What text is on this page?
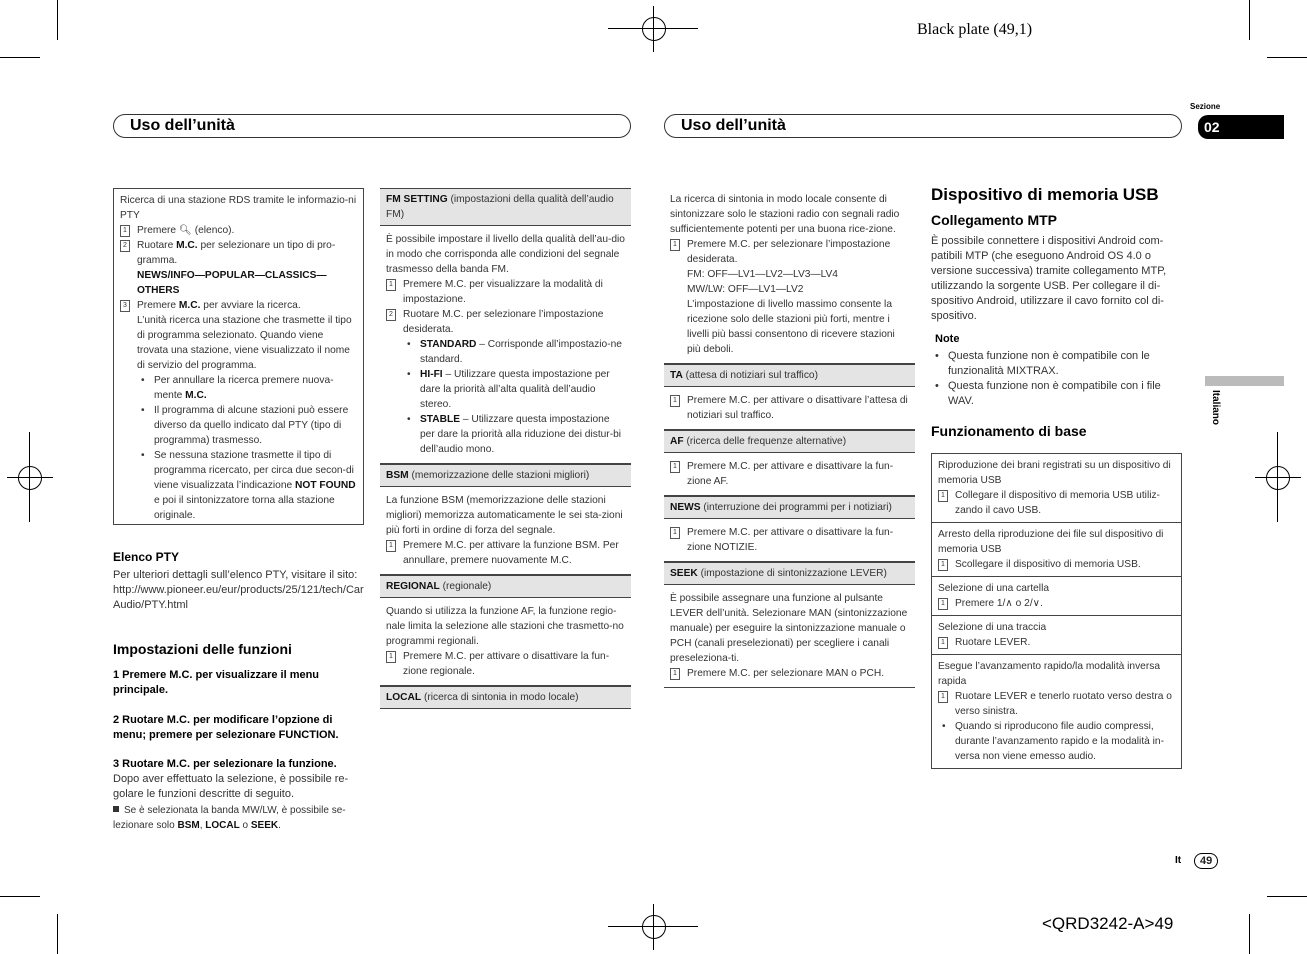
Black plate (49,1)
<QRD3242-A>49
Uso dell’unità	Uso dell’unità
Sezione
02
Italiano
Ricerca di una stazione RDS tramite le informazio-ni PTY
1 Premere 🔍︎ (elenco).
2 Ruotare M.C. per selezionare un tipo di pro-gramma.
NEWS/INFO—POPULAR—CLASSICS—OTHERS
3 Premere M.C. per avviare la ricerca.
L’unità ricerca una stazione che trasmette il tipo di programma selezionato. Quando viene trovata una stazione, viene visualizzato il nome di servizio del programma.
• Per annullare la ricerca premere nuova-mente M.C.
• Il programma di alcune stazioni può essere diverso da quello indicato dal PTY (tipo di programma) trasmesso.
• Se nessuna stazione trasmette il tipo di programma ricercato, per circa due secon-di viene visualizzata l’indicazione NOT FOUND e poi il sintonizzatore torna alla stazione originale.
Elenco PTY
Per ulteriori dettagli sull’elenco PTY, visitare il sito:
http://www.pioneer.eu/eur/products/25/121/tech/CarAudio/PTY.html
Impostazioni delle funzioni
1 Premere M.C. per visualizzare il menu principale.
2 Ruotare M.C. per modificare l’opzione di menu; premere per selezionare FUNCTION.
3 Ruotare M.C. per selezionare la funzione.
Dopo aver effettuato la selezione, è possibile re-golare le funzioni descritte di seguito.
Se è selezionata la banda MW/LW, è possibile se-lezionare solo BSM, LOCAL o SEEK.
FM SETTING (impostazioni della qualità dell’audio FM)
È possibile impostare il livello della qualità dell’au-dio in modo che corrisponda alle condizioni del segnale trasmesso della banda FM.
1 Premere M.C. per visualizzare la modalità di impostazione.
2 Ruotare M.C. per selezionare l’impostazione desiderata.
• STANDARD – Corrisponde all’impostazio-ne standard.
• HI-FI – Utilizzare questa impostazione per dare la priorità all’alta qualità dell’audio stereo.
• STABLE – Utilizzare questa impostazione per dare la priorità alla riduzione dei distur-bi dell’audio mono.
BSM (memorizzazione delle stazioni migliori)
La funzione BSM (memorizzazione delle stazioni migliori) memorizza automaticamente le sei sta-zioni più forti in ordine di forza del segnale.
1 Premere M.C. per attivare la funzione BSM. Per annullare, premere nuovamente M.C.
REGIONAL (regionale)
Quando si utilizza la funzione AF, la funzione regio-nale limita la selezione alle stazioni che trasmetto-no programmi regionali.
1 Premere M.C. per attivare o disattivare la fun-zione regionale.
LOCAL (ricerca di sintonia in modo locale)
La ricerca di sintonia in modo locale consente di sintonizzare solo le stazioni radio con segnali radio sufficientemente potenti per una buona rice-zione.
1 Premere M.C. per selezionare l’impostazione desiderata.
FM: OFF—LV1—LV2—LV3—LV4
MW/LW: OFF—LV1—LV2
L’impostazione di livello massimo consente la ricezione solo delle stazioni più forti, mentre i livelli più bassi consentono di ricevere stazioni più deboli.
TA (attesa di notiziari sul traffico)
1 Premere M.C. per attivare o disattivare l’attesa di notiziari sul traffico.
AF (ricerca delle frequenze alternative)
1 Premere M.C. per attivare e disattivare la fun-zione AF.
NEWS (interruzione dei programmi per i notiziari)
1 Premere M.C. per attivare o disattivare la fun-zione NOTIZIE.
SEEK (impostazione di sintonizzazione LEVER)
È possibile assegnare una funzione al pulsante LEVER dell’unità. Selezionare MAN (sintonizzazione manuale) per eseguire la sintonizzazione manuale o PCH (canali preselezionati) per scegliere i canali preseleziona-ti.
1 Premere M.C. per selezionare MAN o PCH.
Dispositivo di memoria USB
Collegamento MTP
È possibile connettere i dispositivi Android com-patibili MTP (che eseguono Android OS 4.0 o versione successiva) tramite collegamento MTP, utilizzando la sorgente USB. Per collegare il di-spositivo Android, utilizzare il cavo fornito col di-spositivo.
Note
• Questa funzione non è compatibile con le funzionalità MIXTRAX.
• Questa funzione non è compatibile con i file WAV.
Funzionamento di base
Riproduzione dei brani registrati su un dispositivo di memoria USB
1 Collegare il dispositivo di memoria USB utiliz-zando il cavo USB.
Arresto della riproduzione dei file sul dispositivo di memoria USB
1 Scollegare il dispositivo di memoria USB.
Selezione di una cartella
1 Premere 1/∧ o 2/∨.
Selezione di una traccia
1 Ruotare LEVER.
Esegue l’avanzamento rapido/la modalità inversa rapida
1 Ruotare LEVER e tenerlo ruotato verso destra o verso sinistra.
• Quando si riproducono file audio compressi, durante l’avanzamento rapido e la modalità in-versa non viene emesso audio.
It	49
